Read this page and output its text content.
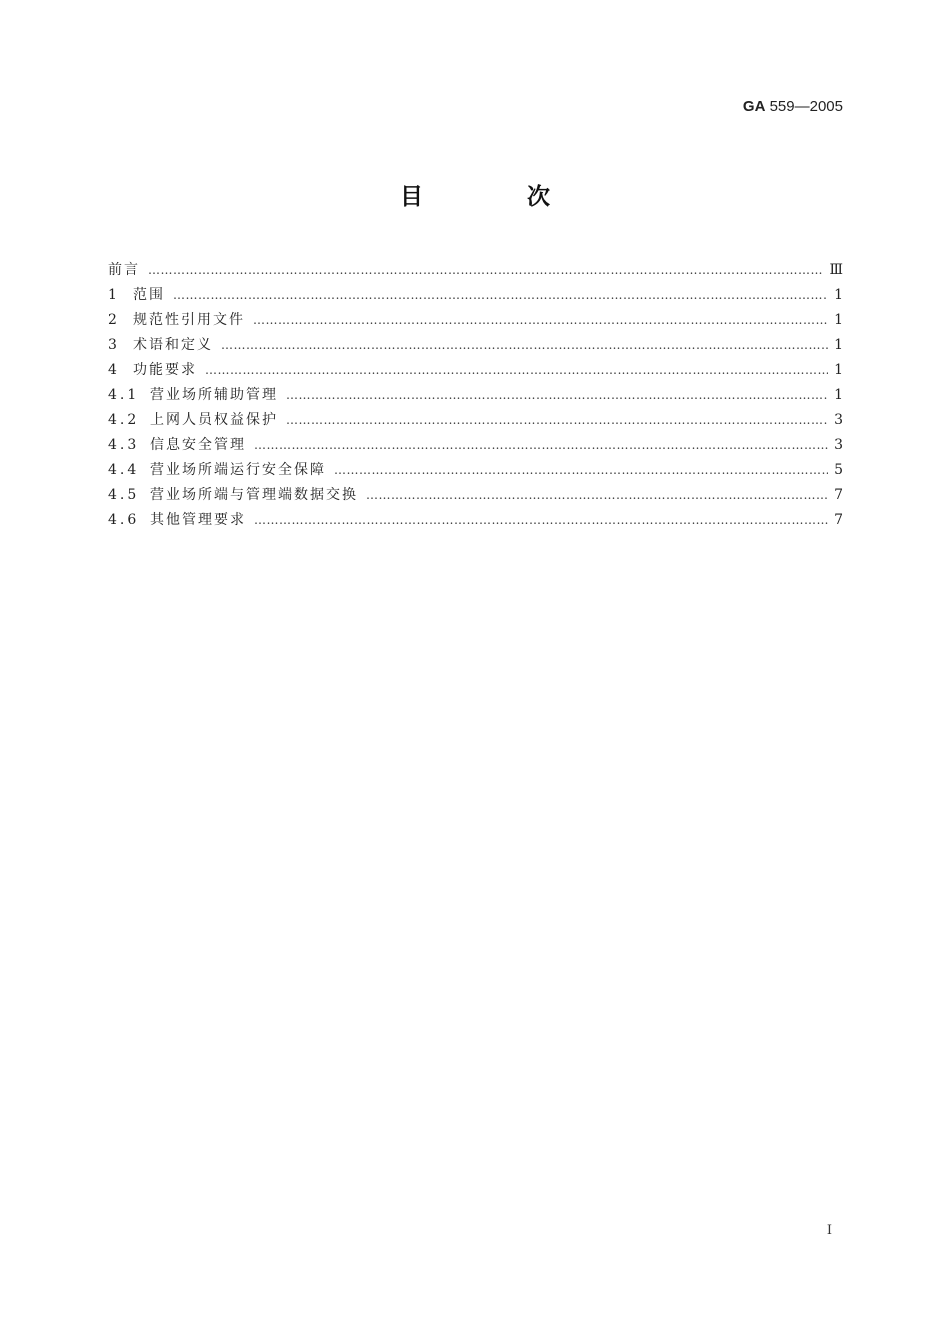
GA 559—2005
目 次
前言 ……………………………………………………………………………………………………………………………………………………………………………………………………………………………………	Ⅲ
1 范围 ……………………………………………………………………………………………………………………………………………………………………………………………………………………………………	1
2 规范性引用文件 ……………………………………………………………………………………………………………………………………………………………………………………………………………………………………	1
3 术语和定义 ……………………………………………………………………………………………………………………………………………………………………………………………………………………………………	1
4 功能要求 ……………………………………………………………………………………………………………………………………………………………………………………………………………………………………	1
4.1 营业场所辅助管理 ……………………………………………………………………………………………………………………………………………………………………………………………………………………………………	1
4.2 上网人员权益保护 ……………………………………………………………………………………………………………………………………………………………………………………………………………………………………	3
4.3 信息安全管理 ……………………………………………………………………………………………………………………………………………………………………………………………………………………………………	3
4.4 营业场所端运行安全保障 ……………………………………………………………………………………………………………………………………………………………………………………………………………………………………	5
4.5 营业场所端与管理端数据交换 ……………………………………………………………………………………………………………………………………………………………………………………………………………………………………	7
4.6 其他管理要求 ……………………………………………………………………………………………………………………………………………………………………………………………………………………………………	7
I
